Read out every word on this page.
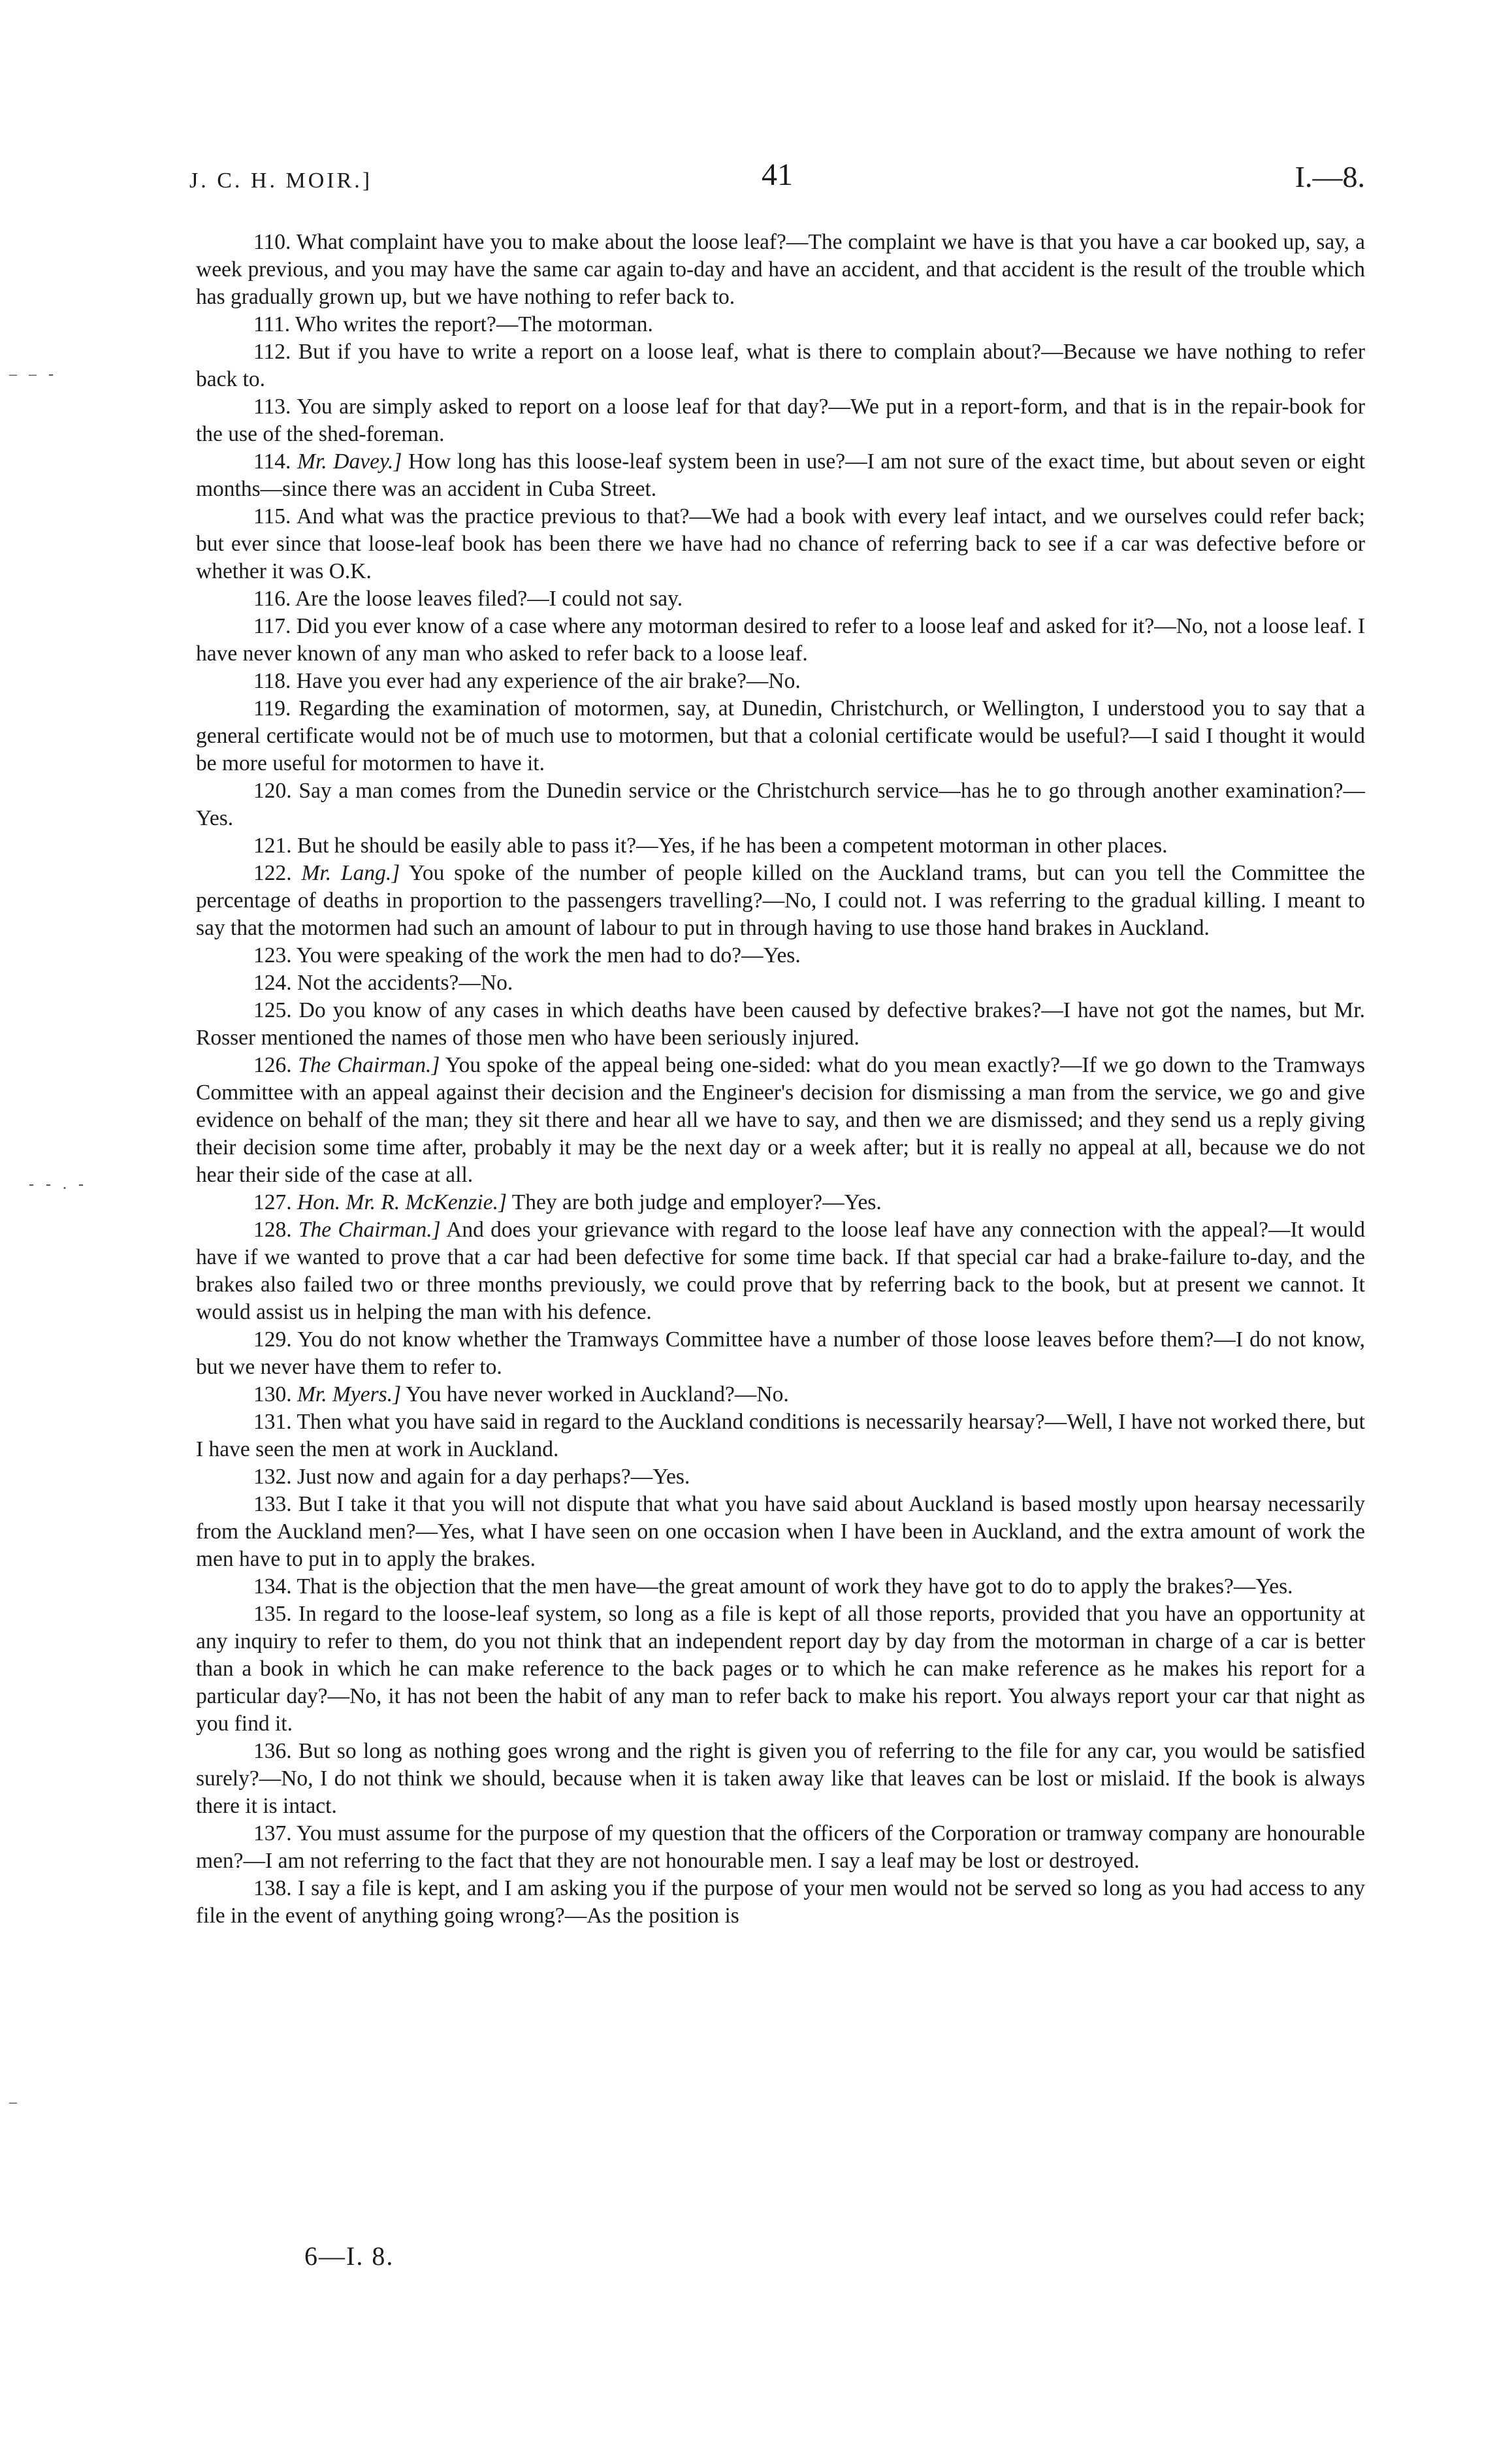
– – -
- - . -
–
J. C. H. MOIR.]	41	I.—8.

110. What complaint have you to make about the loose leaf?—The complaint we have is that you have a car booked up, say, a week previous, and you may have the same car again to-day and have an accident, and that accident is the result of the trouble which has gradually grown up, but we have nothing to refer back to.

111. Who writes the report?—The motorman.

112. But if you have to write a report on a loose leaf, what is there to complain about?—Because we have nothing to refer back to.

113. You are simply asked to report on a loose leaf for that day?—We put in a report-form, and that is in the repair-book for the use of the shed-foreman.

114. Mr. Davey.] How long has this loose-leaf system been in use?—I am not sure of the exact time, but about seven or eight months—since there was an accident in Cuba Street.

115. And what was the practice previous to that?—We had a book with every leaf intact, and we ourselves could refer back; but ever since that loose-leaf book has been there we have had no chance of referring back to see if a car was defective before or whether it was O.K.

116. Are the loose leaves filed?—I could not say.

117. Did you ever know of a case where any motorman desired to refer to a loose leaf and asked for it?—No, not a loose leaf. I have never known of any man who asked to refer back to a loose leaf.

118. Have you ever had any experience of the air brake?—No.

119. Regarding the examination of motormen, say, at Dunedin, Christchurch, or Wellington, I understood you to say that a general certificate would not be of much use to motormen, but that a colonial certificate would be useful?—I said I thought it would be more useful for motormen to have it.

120. Say a man comes from the Dunedin service or the Christchurch service—has he to go through another examination?—Yes.

121. But he should be easily able to pass it?—Yes, if he has been a competent motorman in other places.

122. Mr. Lang.] You spoke of the number of people killed on the Auckland trams, but can you tell the Committee the percentage of deaths in proportion to the passengers travelling?—No, I could not. I was referring to the gradual killing. I meant to say that the motormen had such an amount of labour to put in through having to use those hand brakes in Auckland.

123. You were speaking of the work the men had to do?—Yes.

124. Not the accidents?—No.

125. Do you know of any cases in which deaths have been caused by defective brakes?—I have not got the names, but Mr. Rosser mentioned the names of those men who have been seriously injured.

126. The Chairman.] You spoke of the appeal being one-sided: what do you mean exactly?—If we go down to the Tramways Committee with an appeal against their decision and the Engineer's decision for dismissing a man from the service, we go and give evidence on behalf of the man; they sit there and hear all we have to say, and then we are dismissed; and they send us a reply giving their decision some time after, probably it may be the next day or a week after; but it is really no appeal at all, because we do not hear their side of the case at all.

127. Hon. Mr. R. McKenzie.] They are both judge and employer?—Yes.

128. The Chairman.] And does your grievance with regard to the loose leaf have any connection with the appeal?—It would have if we wanted to prove that a car had been defective for some time back. If that special car had a brake-failure to-day, and the brakes also failed two or three months previously, we could prove that by referring back to the book, but at present we cannot. It would assist us in helping the man with his defence.

129. You do not know whether the Tramways Committee have a number of those loose leaves before them?—I do not know, but we never have them to refer to.

130. Mr. Myers.] You have never worked in Auckland?—No.

131. Then what you have said in regard to the Auckland conditions is necessarily hearsay?—Well, I have not worked there, but I have seen the men at work in Auckland.

132. Just now and again for a day perhaps?—Yes.

133. But I take it that you will not dispute that what you have said about Auckland is based mostly upon hearsay necessarily from the Auckland men?—Yes, what I have seen on one occasion when I have been in Auckland, and the extra amount of work the men have to put in to apply the brakes.

134. That is the objection that the men have—the great amount of work they have got to do to apply the brakes?—Yes.

135. In regard to the loose-leaf system, so long as a file is kept of all those reports, provided that you have an opportunity at any inquiry to refer to them, do you not think that an independent report day by day from the motorman in charge of a car is better than a book in which he can make reference to the back pages or to which he can make reference as he makes his report for a particular day?—No, it has not been the habit of any man to refer back to make his report. You always report your car that night as you find it.

136. But so long as nothing goes wrong and the right is given you of referring to the file for any car, you would be satisfied surely?—No, I do not think we should, because when it is taken away like that leaves can be lost or mislaid. If the book is always there it is intact.

137. You must assume for the purpose of my question that the officers of the Corporation or tramway company are honourable men?—I am not referring to the fact that they are not honourable men. I say a leaf may be lost or destroyed.

138. I say a file is kept, and I am asking you if the purpose of your men would not be served so long as you had access to any file in the event of anything going wrong?—As the position is

6—I. 8.
